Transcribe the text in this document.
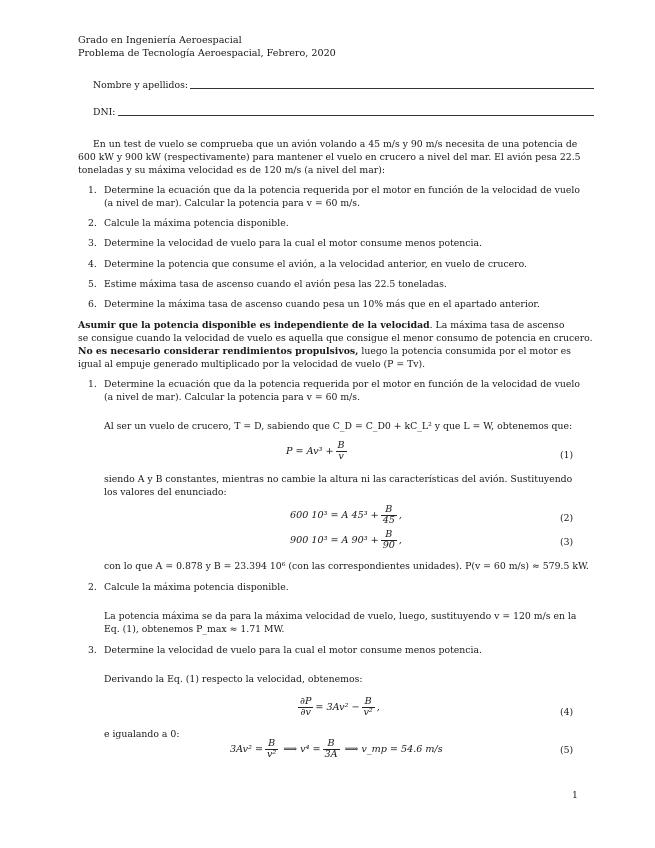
Grado en Ingeniería Aeroespacial
Problema de Tecnología Aeroespacial, Febrero, 2020
Nombre y apellidos:
DNI:
En un test de vuelo se comprueba que un avión volando a 45 m/s y 90 m/s necesita de una potencia de
600 kW y 900 kW (respectivamente) para mantener el vuelo en crucero a nivel del mar. El avión pesa 22.5
toneladas y su máxima velocidad es de 120 m/s (a nivel del mar):
1. Determine la ecuación que da la potencia requerida por el motor en función de la velocidad de vuelo
(a nivel de mar). Calcular la potencia para v = 60 m/s.
2. Calcule la máxima potencia disponible.
3. Determine la velocidad de vuelo para la cual el motor consume menos potencia.
4. Determine la potencia que consume el avión, a la velocidad anterior, en vuelo de crucero.
5. Estime máxima tasa de ascenso cuando el avión pesa las 22.5 toneladas.
6. Determine la máxima tasa de ascenso cuando pesa un 10% más que en el apartado anterior.
Asumir que la potencia disponible es independiente de la velocidad. La máxima tasa de ascenso
se consigue cuando la velocidad de vuelo es aquella que consigue el menor consumo de potencia en crucero.
No es necesario considerar rendimientos propulsivos, luego la potencia consumida por el motor es
igual al empuje generado multiplicado por la velocidad de vuelo (P = Tv).
1. Determine la ecuación que da la potencia requerida por el motor en función de la velocidad de vuelo
(a nivel de mar). Calcular la potencia para v = 60 m/s.
Al ser un vuelo de crucero, T = D, sabiendo que C_D = C_D0 + kC_L² y que L = W, obtenemos que:
$P = Av^3 + \frac{B}{v}$	(1)
siendo A y B constantes, mientras no cambie la altura ni las características del avión. Sustituyendo
los valores del enunciado:
600 10³ = A $45^3 + \frac{B}{45}$ ,	(2)
900 10³ = A $90^3 + \frac{B}{90}$ ,	(3)
con lo que A = 0.878 y B = 23.394 10⁶ (con las correspondientes unidades). P(v = 60 m/s) ≈ 579.5 kW.
2. Calcule la máxima potencia disponible.
La potencia máxima se da para la máxima velocidad de vuelo, luego, sustituyendo v = 120 m/s en la
Eq. (1), obtenemos P_max ≈ 1.71 MW.
3. Determine la velocidad de vuelo para la cual el motor consume menos potencia.
Derivando la Eq. (1) respecto la velocidad, obtenemos:
$\frac{\partial P}{\partial v} = 3Av^2 - \frac{B}{\text{v²}}$ ,	(4)
e igualando a 0:
$3Av^2 = \frac{B}{\text{v²}}$ ⟹ $v^4 = \frac{B}{3A}$ ⟹ v_mp = 54.6 m/s	(5)
1
